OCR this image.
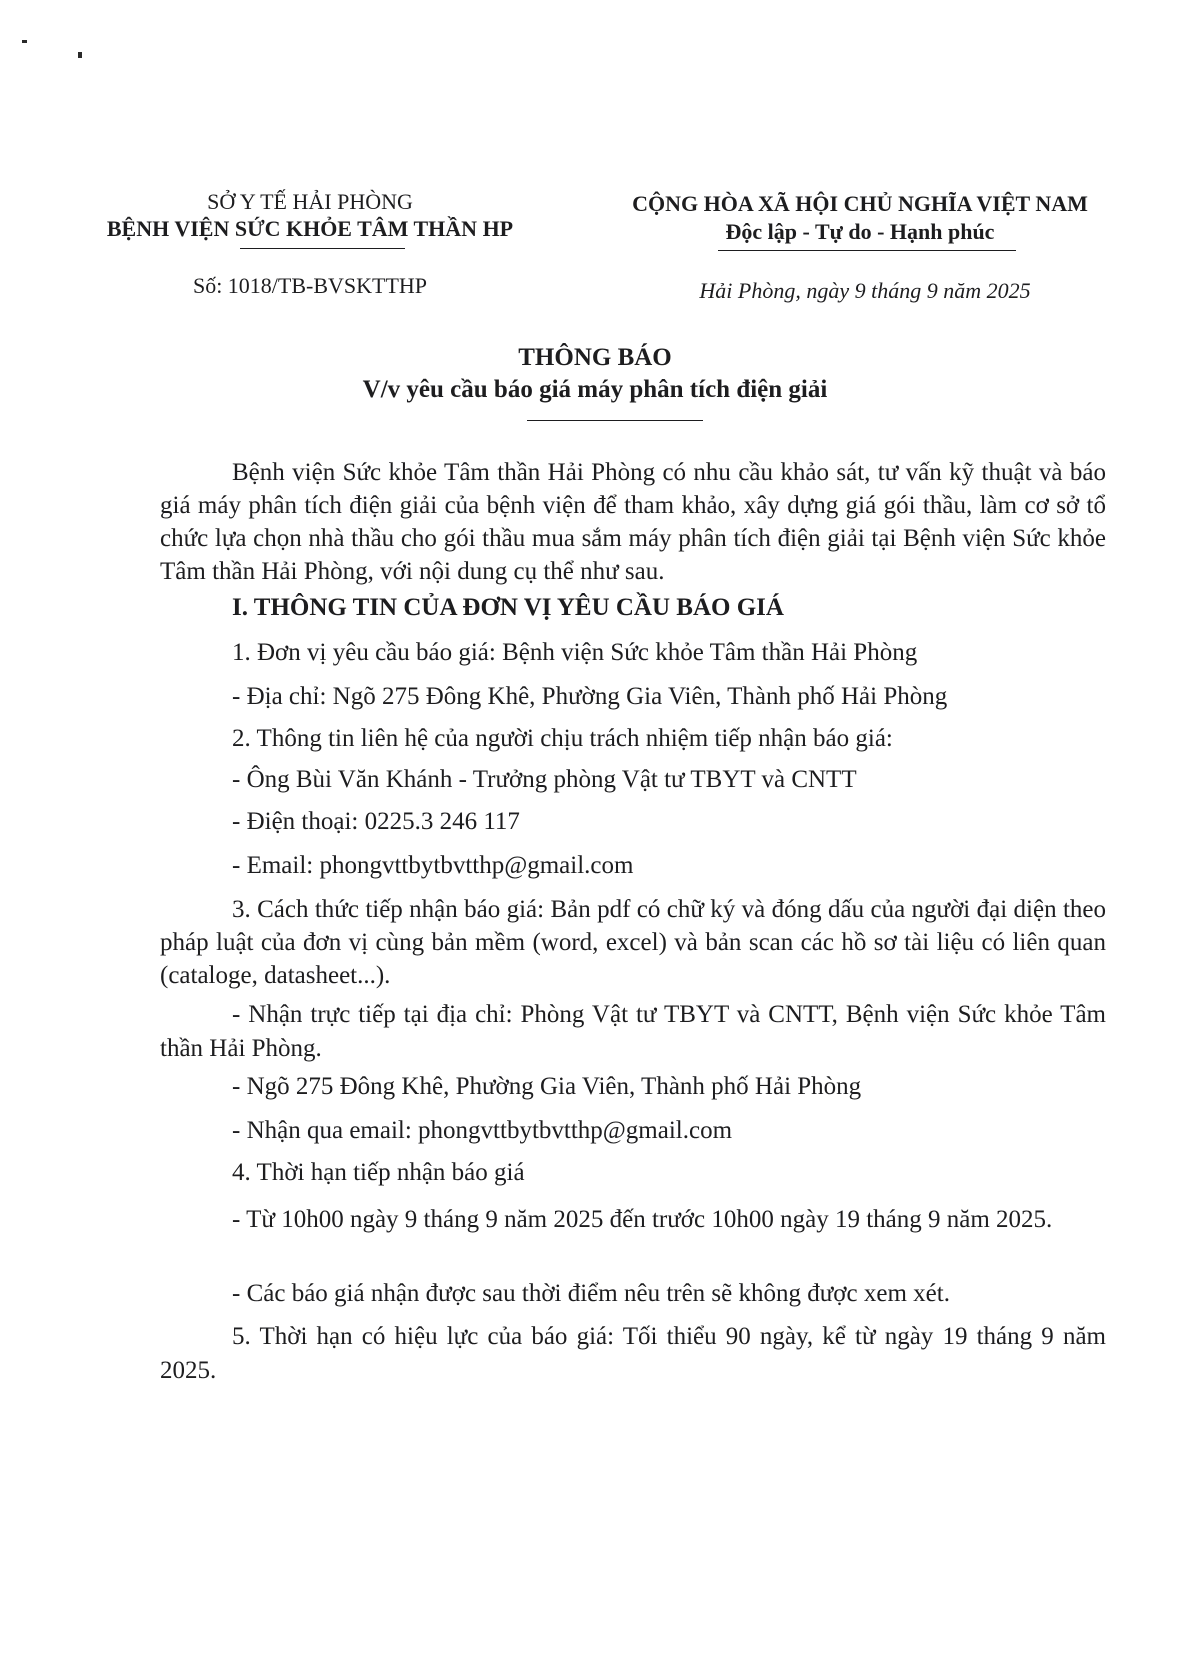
SỞ Y TẾ HẢI PHÒNG
BỆNH VIỆN SỨC KHỎE TÂM THẦN HP
Số: 1018/TB-BVSKTTHP
CỘNG HÒA XÃ HỘI CHỦ NGHĨA VIỆT NAM
Độc lập - Tự do - Hạnh phúc
Hải Phòng, ngày 9 tháng 9 năm 2025
THÔNG BÁO
V/v yêu cầu báo giá máy phân tích điện giải
Bệnh viện Sức khỏe Tâm thần Hải Phòng có nhu cầu khảo sát, tư vấn kỹ thuật và báo giá máy phân tích điện giải của bệnh viện để tham khảo, xây dựng giá gói thầu, làm cơ sở tổ chức lựa chọn nhà thầu cho gói thầu mua sắm máy phân tích điện giải tại Bệnh viện Sức khỏe Tâm thần Hải Phòng, với nội dung cụ thể như sau.
I. THÔNG TIN CỦA ĐƠN VỊ YÊU CẦU BÁO GIÁ
1. Đơn vị yêu cầu báo giá: Bệnh viện Sức khỏe Tâm thần Hải Phòng
- Địa chỉ: Ngõ 275 Đông Khê, Phường Gia Viên, Thành phố Hải Phòng
2. Thông tin liên hệ của người chịu trách nhiệm tiếp nhận báo giá:
- Ông Bùi Văn Khánh - Trưởng phòng Vật tư TBYT và CNTT
- Điện thoại: 0225.3 246 117
- Email: phongvttbytbvtthp@gmail.com
3. Cách thức tiếp nhận báo giá: Bản pdf có chữ ký và đóng dấu của người đại diện theo pháp luật của đơn vị cùng bản mềm (word, excel) và bản scan các hồ sơ tài liệu có liên quan (cataloge, datasheet...).
- Nhận trực tiếp tại địa chỉ: Phòng Vật tư TBYT và CNTT, Bệnh viện Sức khỏe Tâm thần Hải Phòng.
- Ngõ 275 Đông Khê, Phường Gia Viên, Thành phố Hải Phòng
- Nhận qua email: phongvttbytbvtthp@gmail.com
4. Thời hạn tiếp nhận báo giá
- Từ 10h00 ngày 9 tháng 9 năm 2025 đến trước 10h00 ngày 19 tháng 9 năm 2025.
- Các báo giá nhận được sau thời điểm nêu trên sẽ không được xem xét.
5. Thời hạn có hiệu lực của báo giá: Tối thiểu 90 ngày, kể từ ngày 19 tháng 9 năm 2025.
